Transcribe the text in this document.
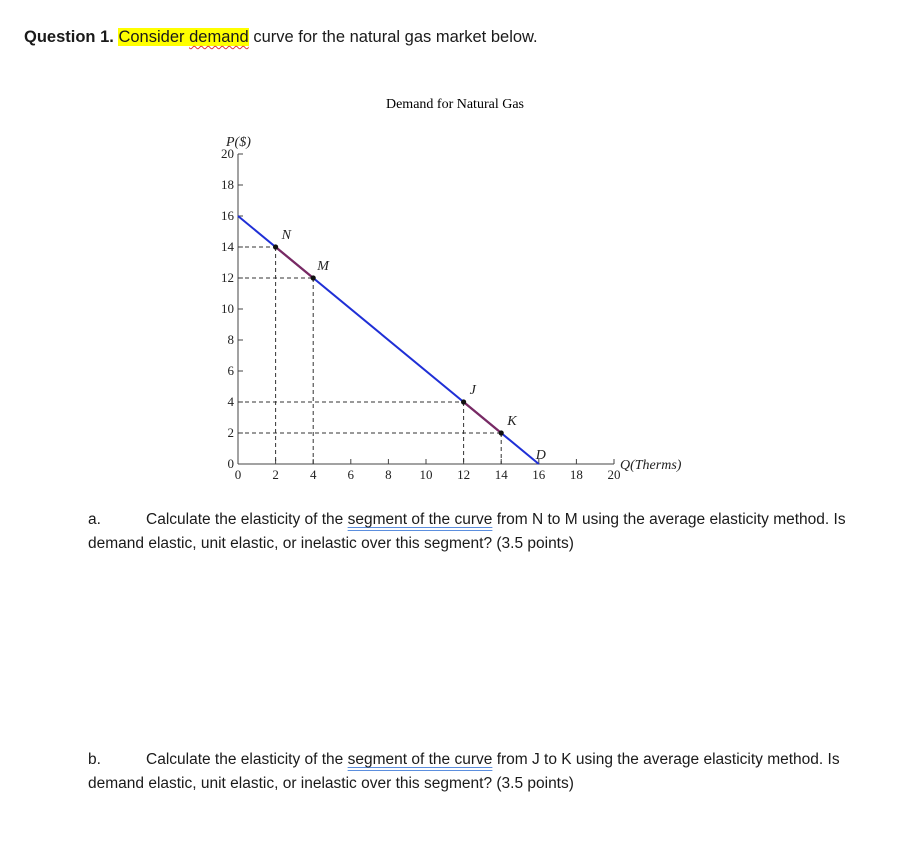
Question 1. Consider demand curve for the natural gas market below.
Demand for Natural Gas
0
2
4
6
8
10
12
14
16
18
20
0 2 4 6 8 10 12 14 16 18 20
P($)
Q(Therms)
N
M
J
K
D
a.	Calculate the elasticity of the segment of the curve from N to M using the average elasticity method. Is demand elastic, unit elastic, or inelastic over this segment? (3.5 points)
b.	Calculate the elasticity of the segment of the curve from J to K using the average elasticity method. Is demand elastic, unit elastic, or inelastic over this segment? (3.5 points)
